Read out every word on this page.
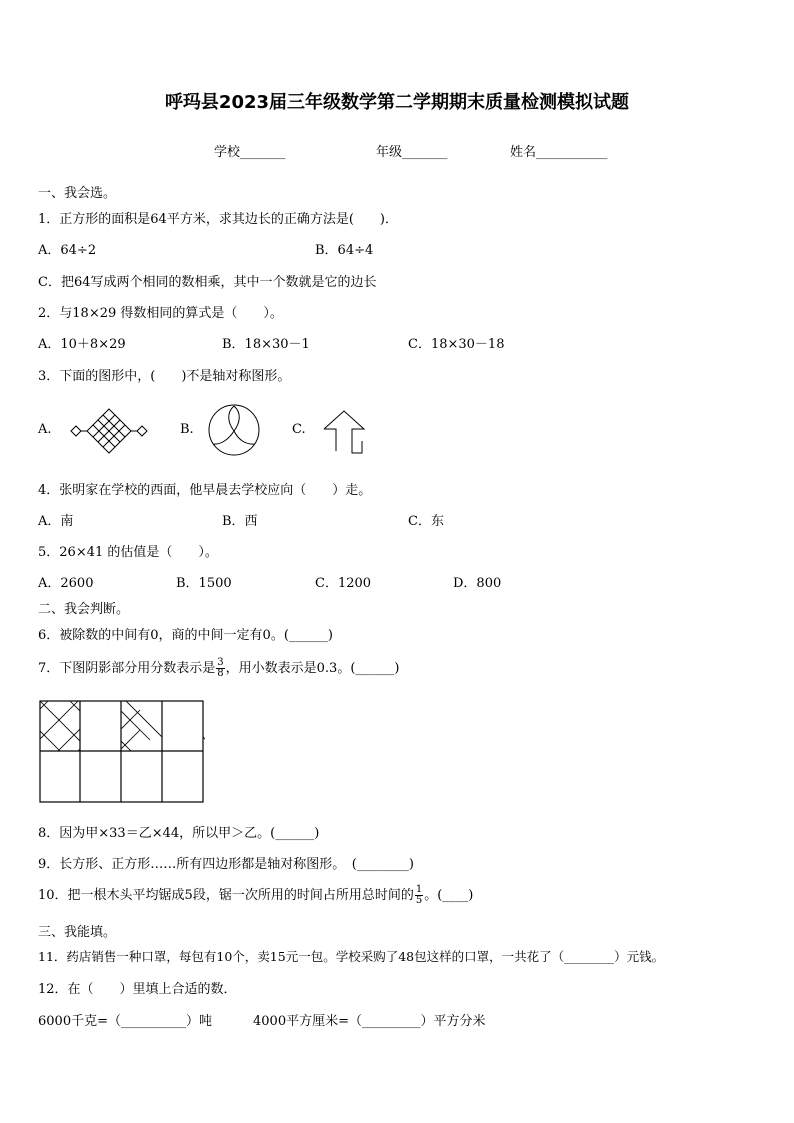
呼玛县2023届三年级数学第二学期期末质量检测模拟试题
学校_______	年级_______	姓名___________
一、我会选。
1．正方形的面积是64平方米，求其边长的正确方法是(　　)．
A．64÷2	B．64÷4
C．把64写成两个相同的数相乘，其中一个数就是它的边长
2．与18×29 得数相同的算式是（　　）。
A．10＋8×29	B．18×30－1	C．18×30－18
3．下面的图形中，(　　)不是轴对称图形。
A.	B.	C.
4．张明家在学校的西面，他早晨去学校应向（　　）走。
A．南	B．西	C．东
5．26×41 的估值是（　　）。
A．2600	B．1500	C．1200	D．800
二、我会判断。
6．被除数的中间有0，商的中间一定有0。(______)
7．下图阴影部分用分数表示是 $\frac{3}{8}$ ，用小数表示是0.3。(______)
8．因为甲×33＝乙×44，所以甲＞乙。(______)
9．长方形、正方形……所有四边形都是轴对称图形。　(________)
10．把一根木头平均锯成5段，锯一次所用的时间占所用总时间的 $\frac{1}{5}$ 。(____)
三、我能填。
11．药店销售一种口罩，每包有10个，卖15元一包。学校采购了48包这样的口罩，一共花了（________）元钱。
12．在（　　）里填上合适的数．
6000千克=（__________）吨	4000平方厘米=（_________）平方分米
